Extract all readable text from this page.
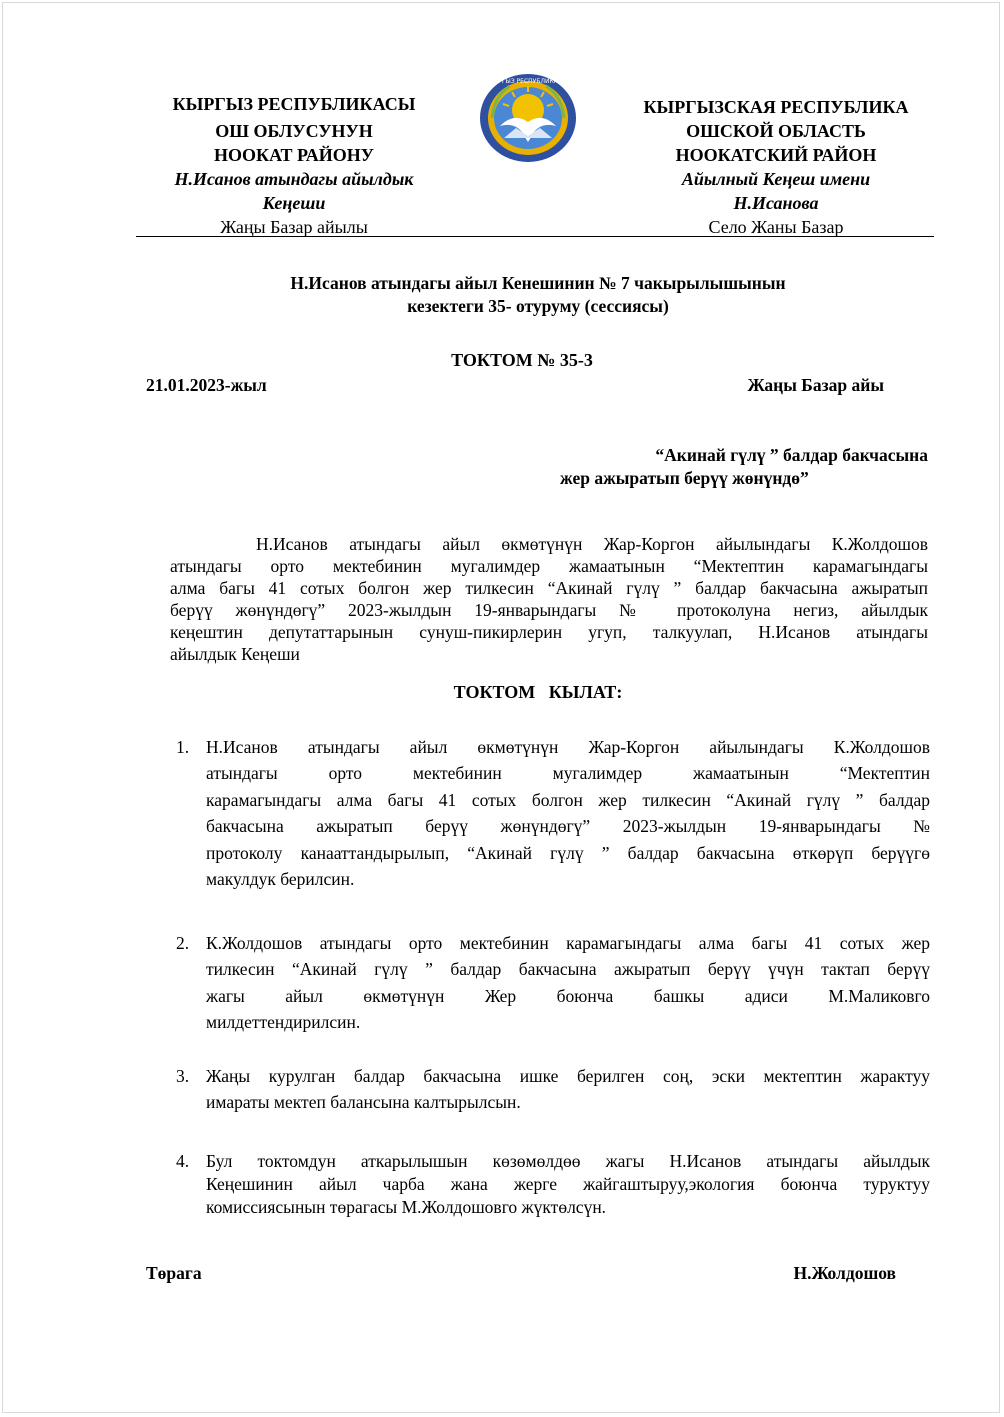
КЫРГЫЗ РЕСПУБЛИКАСЫ
ОШ ОБЛУСУНУН
НООКАТ РАЙОНУ
Н.Исанов атындагы айылдык
Кеңеши
Жаңы Базар айылы
КЫРГЫЗ РЕСПУБЛИКАСЫ
КЫРГЫЗСКАЯ РЕСПУБЛИКА
ОШСКОЙ ОБЛАСТЬ
НООКАТСКИЙ РАЙОН
Айылный Кеңеш имени
Н.Исанова
Село Жаны Базар
Н.Исанов атындагы айыл Кенешинин № 7 чакырылышынын
кезектеги 35- отуруму (сессиясы)
ТОКТОМ № 35-3
21.01.2023-жыл	Жаңы Базар айы
“Акинай гүлү ” балдар бакчасына
жер ажыратып берүү жөнүндө”
Н.Исанов атындагы айыл өкмөтүнүн Жар-Коргон айылындагы К.Жолдошов
атындагы орто мектебинин мугалимдер жамаатынын “Мектептин карамагындагы
алма багы 41 сотых болгон жер тилкесин “Акинай гүлү ” балдар бакчасына ажыратып
берүү жөнүндөгү” 2023-жылдын 19-январындагы № протоколуна негиз, айылдык
кеңештин депутаттарынын сунуш-пикирлерин угуп, талкуулап, Н.Исанов атындагы
айылдык Кеңеши
ТОКТОМ   КЫЛАТ:
1. Н.Исанов атындагы айыл өкмөтүнүн Жар-Коргон айылындагы К.Жолдошов
атындагы орто мектебинин мугалимдер жамаатынын “Мектептин
карамагындагы алма багы 41 сотых болгон жер тилкесин “Акинай гүлү ” балдар
бакчасына ажыратып берүү жөнүндөгү” 2023-жылдын 19-январындагы №
протоколу канааттандырылып, “Акинай гүлү ” балдар бакчасына өткөрүп берүүгө
макулдук берилсин.
2. К.Жолдошов атындагы орто мектебинин карамагындагы алма багы 41 сотых жер
тилкесин “Акинай гүлү ” балдар бакчасына ажыратып берүү үчүн тактап берүү
жагы айыл өкмөтүнүн Жер боюнча башкы адиси М.Маликовго
милдеттендирилсин.
3. Жаңы курулган балдар бакчасына ишке берилген соң, эски мектептин жарактуу
имараты мектеп балансына калтырылсын.
4. Бул токтомдун аткарылышын көзөмөлдөө жагы Н.Исанов атындагы айылдык
Кеңешинин айыл чарба жана жерге жайгаштыруу,экология боюнча туруктуу
комиссиясынын төрагасы М.Жолдошовго жүктөлсүн.
Төрага	Н.Жолдошов
